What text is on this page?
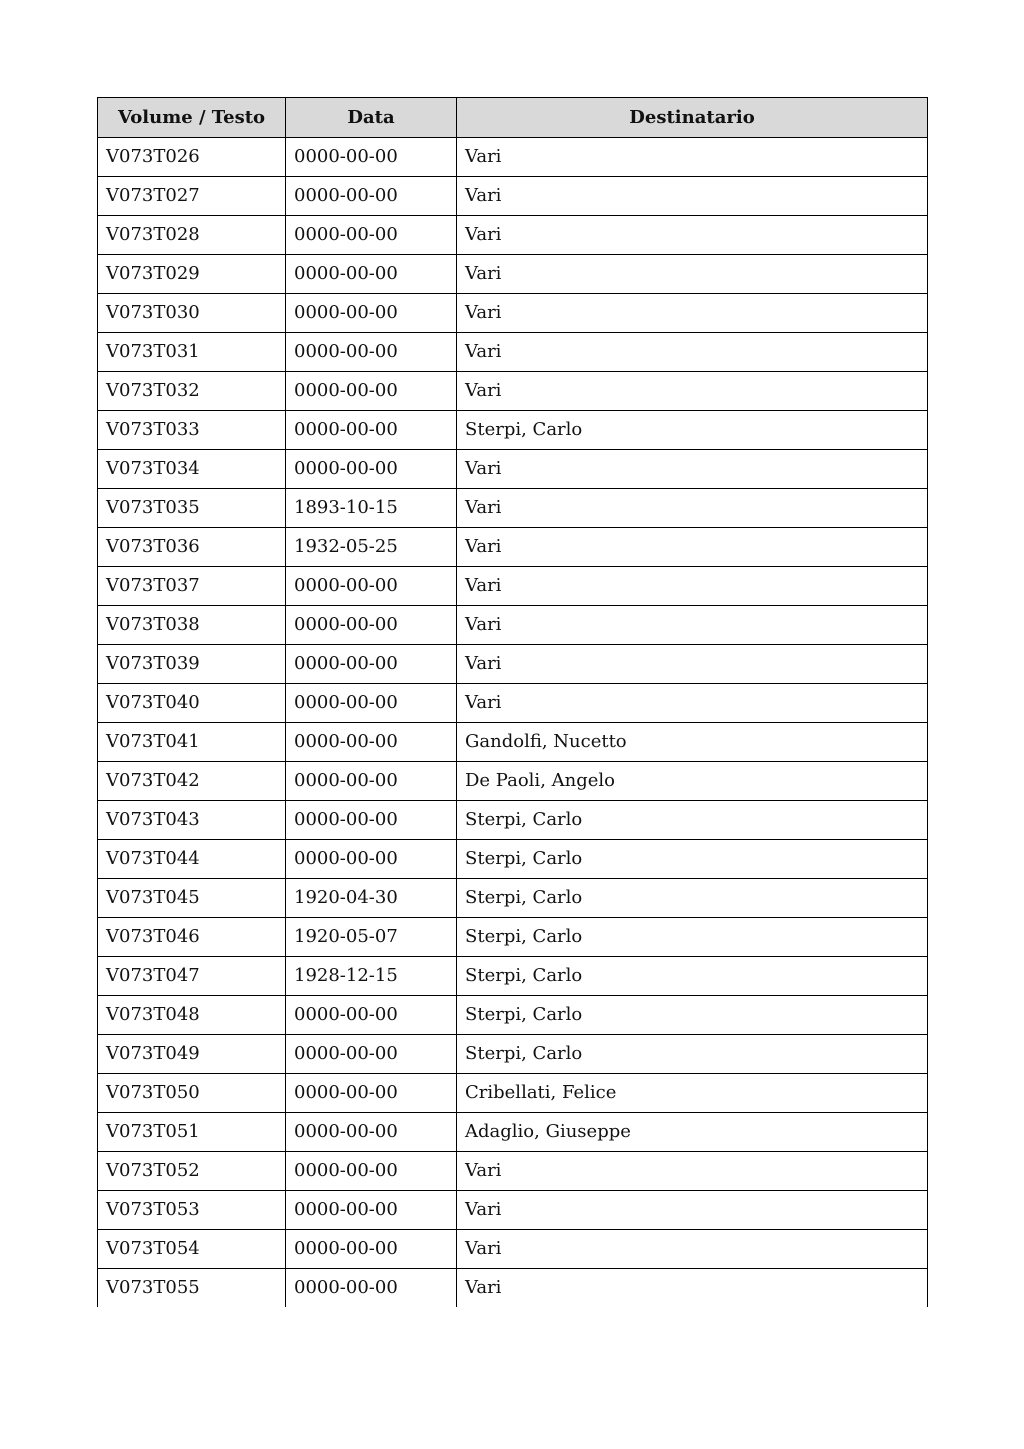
Volume / Testo	Data	Destinatario
V073T026	0000-00-00	Vari
V073T027	0000-00-00	Vari
V073T028	0000-00-00	Vari
V073T029	0000-00-00	Vari
V073T030	0000-00-00	Vari
V073T031	0000-00-00	Vari
V073T032	0000-00-00	Vari
V073T033	0000-00-00	Sterpi, Carlo
V073T034	0000-00-00	Vari
V073T035	1893-10-15	Vari
V073T036	1932-05-25	Vari
V073T037	0000-00-00	Vari
V073T038	0000-00-00	Vari
V073T039	0000-00-00	Vari
V073T040	0000-00-00	Vari
V073T041	0000-00-00	Gandolfi, Nucetto
V073T042	0000-00-00	De Paoli, Angelo
V073T043	0000-00-00	Sterpi, Carlo
V073T044	0000-00-00	Sterpi, Carlo
V073T045	1920-04-30	Sterpi, Carlo
V073T046	1920-05-07	Sterpi, Carlo
V073T047	1928-12-15	Sterpi, Carlo
V073T048	0000-00-00	Sterpi, Carlo
V073T049	0000-00-00	Sterpi, Carlo
V073T050	0000-00-00	Cribellati, Felice
V073T051	0000-00-00	Adaglio, Giuseppe
V073T052	0000-00-00	Vari
V073T053	0000-00-00	Vari
V073T054	0000-00-00	Vari
V073T055	0000-00-00	Vari
